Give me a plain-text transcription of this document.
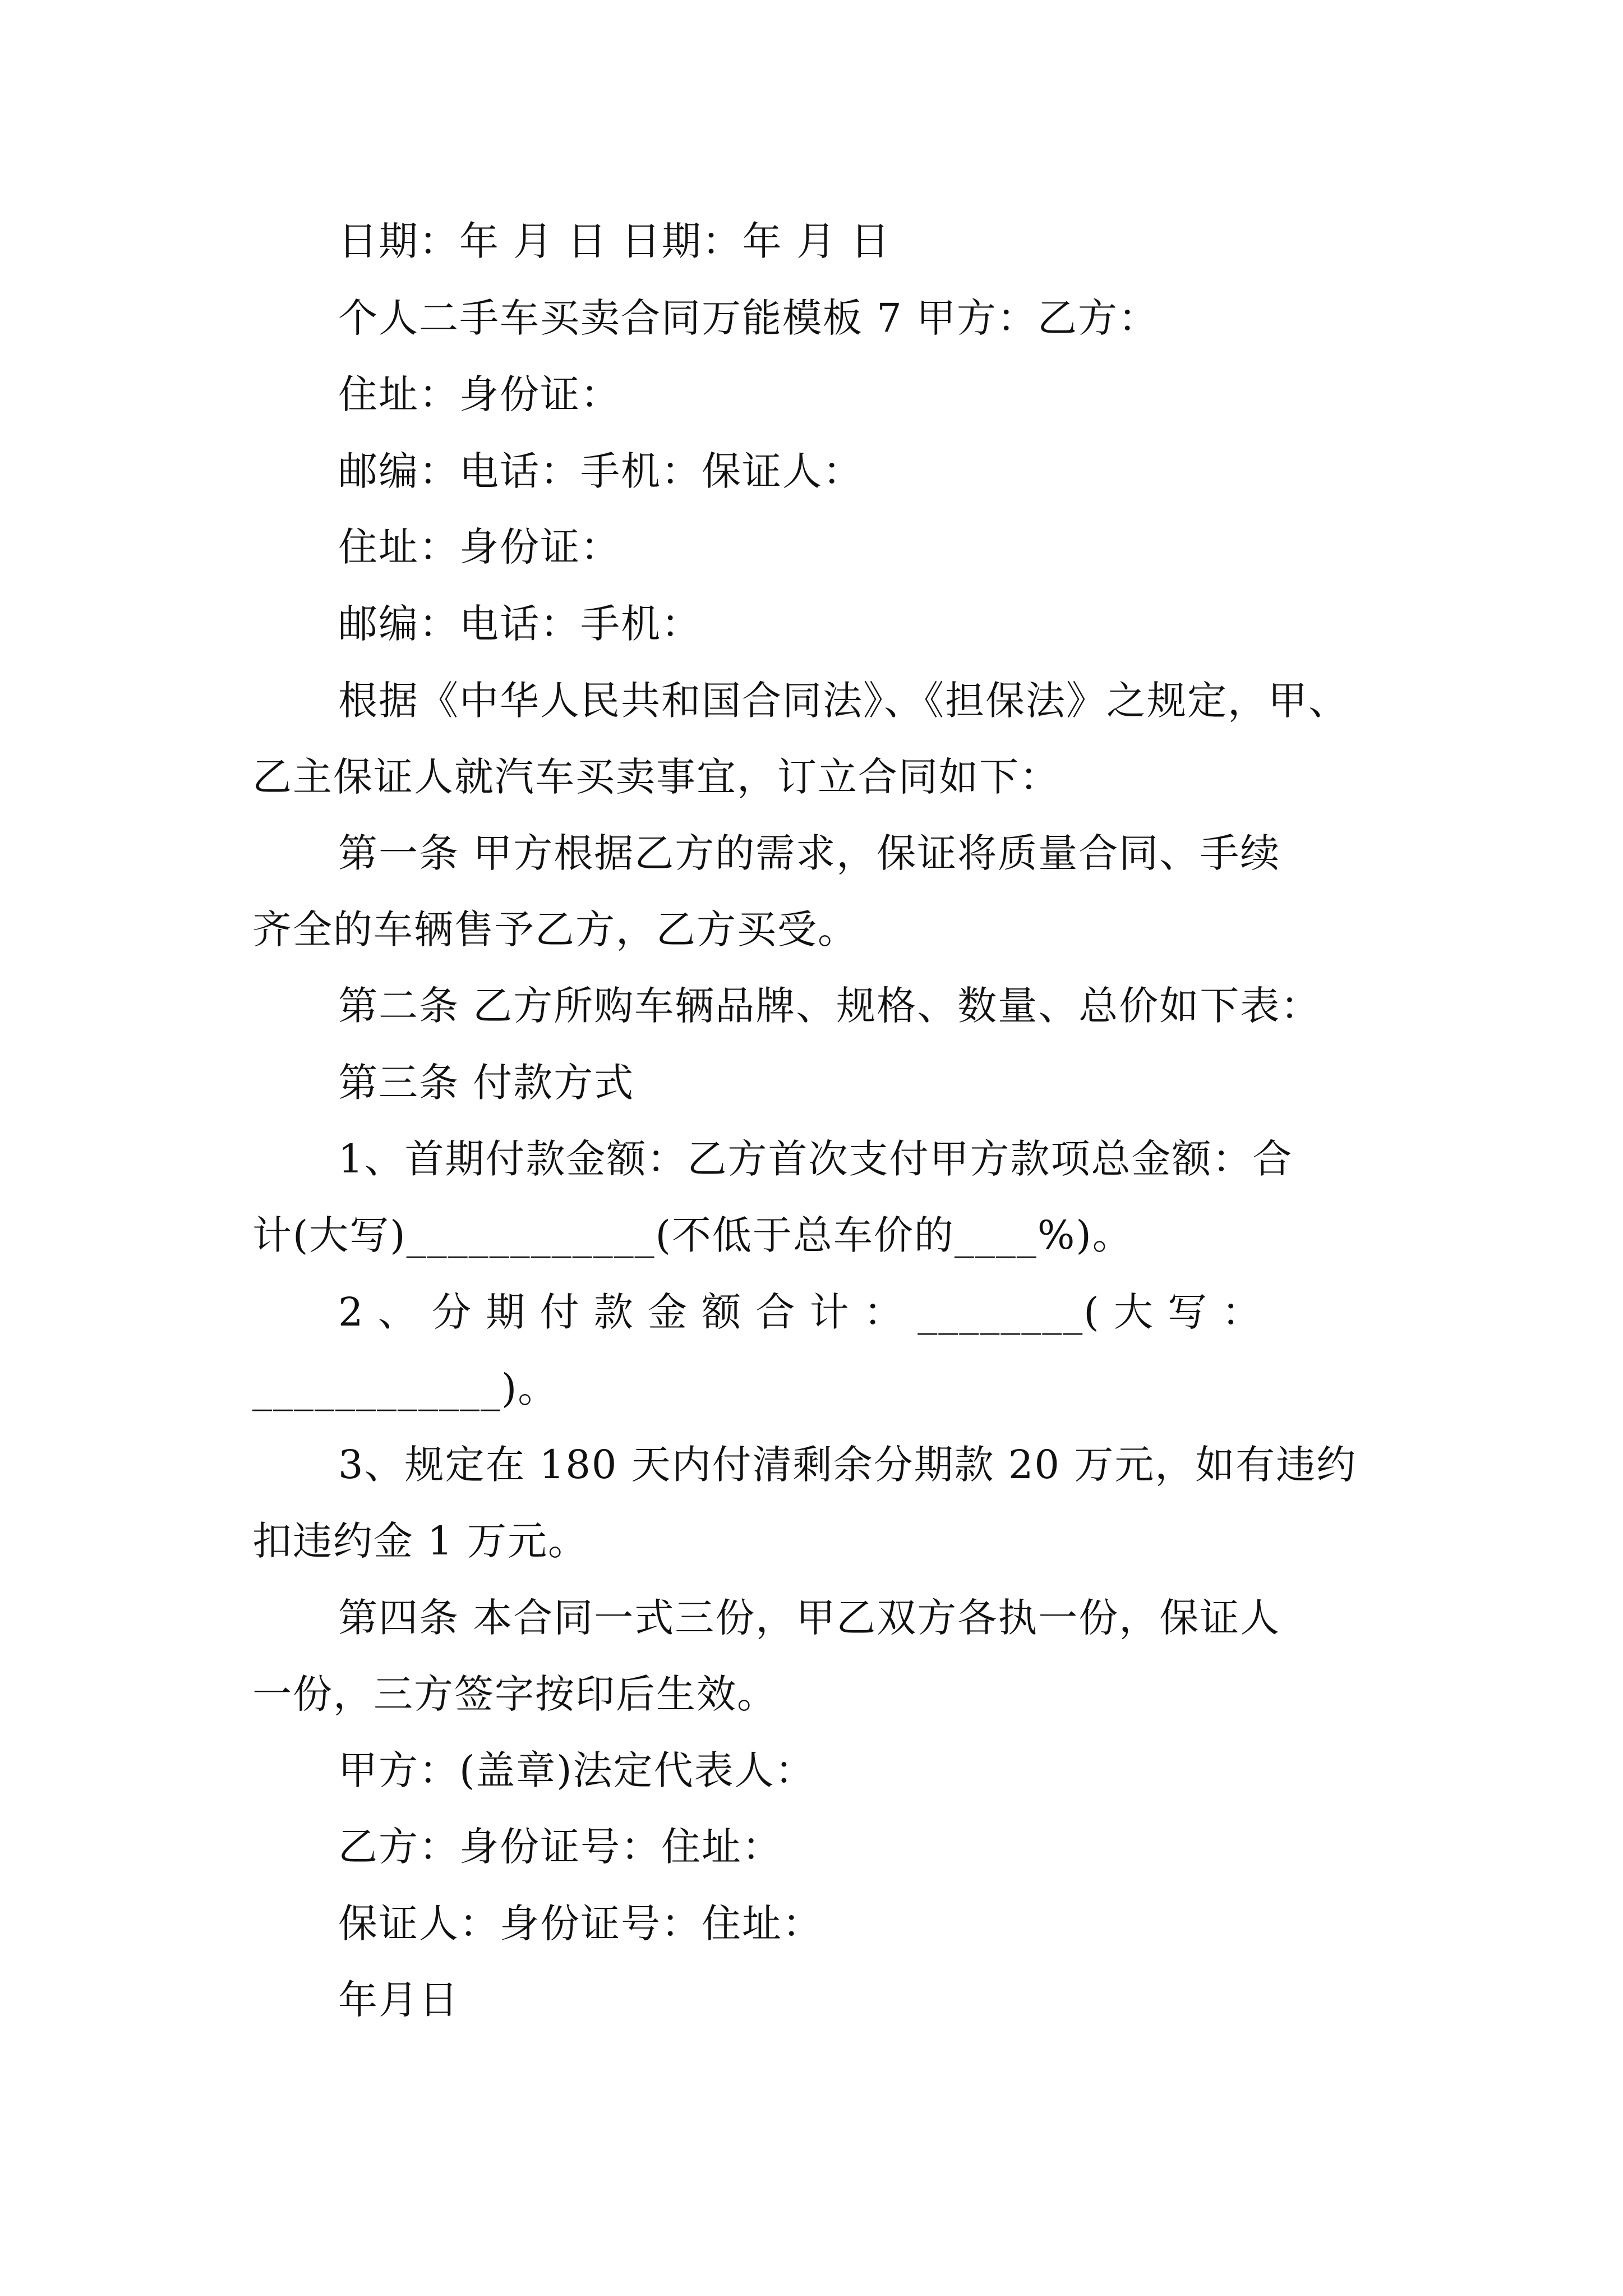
日期：年 月 日 日期：年 月 日
个人二手车买卖合同万能模板 7 甲方：乙方：
住址：身份证：
邮编：电话：手机：保证人：
住址：身份证：
邮编：电话：手机：
根据《中华人民共和国合同法》、《担保法》之规定，甲、
乙主保证人就汽车买卖事宜，订立合同如下：
第一条 甲方根据乙方的需求，保证将质量合同、手续
齐全的车辆售予乙方，乙方买受。
第二条 乙方所购车辆品牌、规格、数量、总价如下表：
第三条 付款方式
1、首期付款金额：乙方首次支付甲方款项总金额：合
计(大写)____________(不低于总车价的____%)。
2 、 分 期 付 款 金 额 合 计 ： ________( 大 写 ：
____________)。
3、规定在 180 天内付清剩余分期款 20 万元，如有违约
扣违约金 1 万元。
第四条 本合同一式三份，甲乙双方各执一份，保证人
一份，三方签字按印后生效。
甲方：(盖章)法定代表人：
乙方：身份证号：住址：
保证人：身份证号：住址：
年月日
